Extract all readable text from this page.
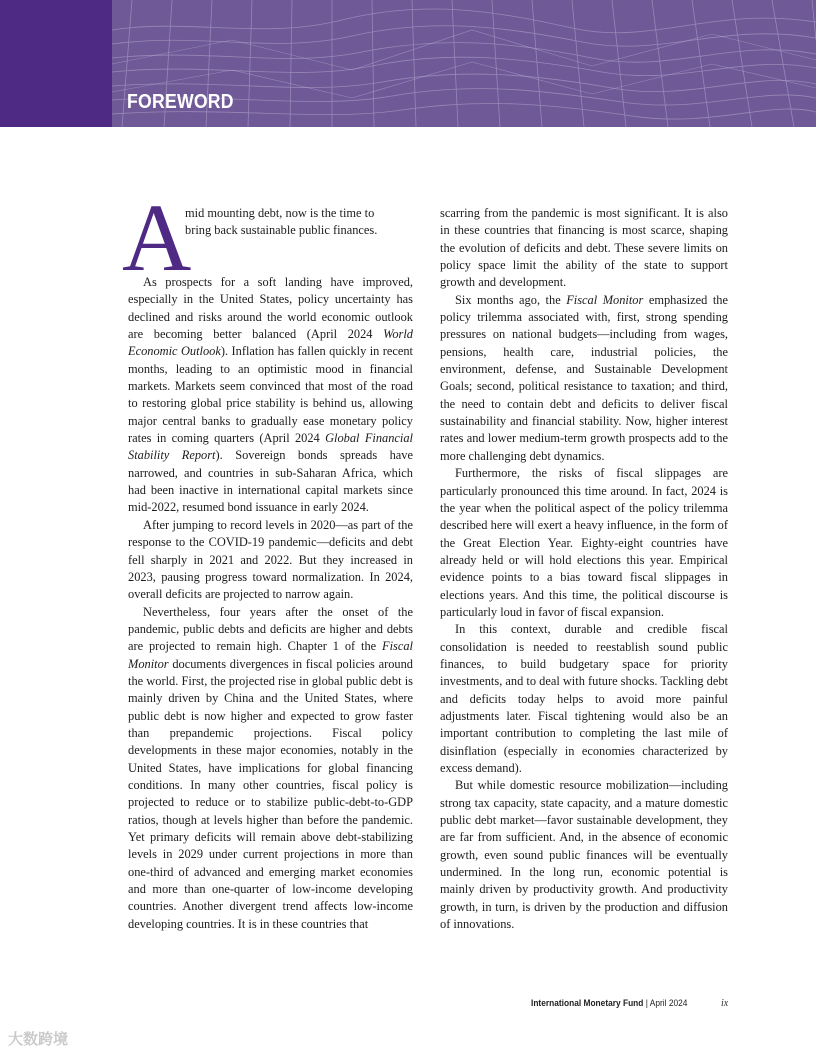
FOREWORD
A

mid mounting debt, now is the time to bring back sustainable public finances.

As prospects for a soft landing have improved, especially in the United States, policy uncertainty has declined and risks around the world economic outlook are becoming better balanced (April 2024 World Economic Outlook). Inflation has fallen quickly in recent months, leading to an optimistic mood in financial markets. Markets seem convinced that most of the road to restoring global price stability is behind us, allowing major central banks to gradually ease monetary policy rates in coming quarters (April 2024 Global Financial Stability Report). Sovereign bonds spreads have narrowed, and countries in sub-Saharan Africa, which had been inactive in international capital markets since mid-2022, resumed bond issuance in early 2024.

After jumping to record levels in 2020—as part of the response to the COVID-19 pandemic—deficits and debt fell sharply in 2021 and 2022. But they increased in 2023, pausing progress toward normalization. In 2024, overall deficits are projected to narrow again.

Nevertheless, four years after the onset of the pandemic, public debts and deficits are higher and debts are projected to remain high. Chapter 1 of the Fiscal Monitor documents divergences in fiscal policies around the world. First, the projected rise in global public debt is mainly driven by China and the United States, where public debt is now higher and expected to grow faster than prepandemic projections. Fiscal policy developments in these major economies, notably in the United States, have implications for global financing conditions. In many other countries, fiscal policy is projected to reduce or to stabilize public-debt-to-GDP ratios, though at levels higher than before the pandemic. Yet primary deficits will remain above debt-stabilizing levels in 2029 under current projections in more than one-third of advanced and emerging market economies and more than one-quarter of low-income developing countries. Another divergent trend affects low-income developing countries. It is in these countries that

scarring from the pandemic is most significant. It is also in these countries that financing is most scarce, shaping the evolution of deficits and debt. These severe limits on policy space limit the ability of the state to support growth and development.

Six months ago, the Fiscal Monitor emphasized the policy trilemma associated with, first, strong spending pressures on national budgets—including from wages, pensions, health care, industrial policies, the environment, defense, and Sustainable Development Goals; second, political resistance to taxation; and third, the need to contain debt and deficits to deliver fiscal sustainability and financial stability. Now, higher interest rates and lower medium-term growth prospects add to the more challenging debt dynamics.

Furthermore, the risks of fiscal slippages are particularly pronounced this time around. In fact, 2024 is the year when the political aspect of the policy trilemma described here will exert a heavy influence, in the form of the Great Election Year. Eighty-eight countries have already held or will hold elections this year. Empirical evidence points to a bias toward fiscal slippages in elections years. And this time, the political discourse is particularly loud in favor of fiscal expansion.

In this context, durable and credible fiscal consolidation is needed to reestablish sound public finances, to build budgetary space for priority investments, and to deal with future shocks. Tackling debt and deficits today helps to avoid more painful adjustments later. Fiscal tightening would also be an important contribution to completing the last mile of disinflation (especially in economies characterized by excess demand).

But while domestic resource mobilization—including strong tax capacity, state capacity, and a mature domestic public debt market—favor sustainable development, they are far from sufficient. And, in the absence of economic growth, even sound public finances will be eventually undermined. In the long run, economic potential is mainly driven by productivity growth. And productivity growth, in turn, is driven by the production and diffusion of innovations.

International Monetary Fund | April 2024	ix
大数跨境
